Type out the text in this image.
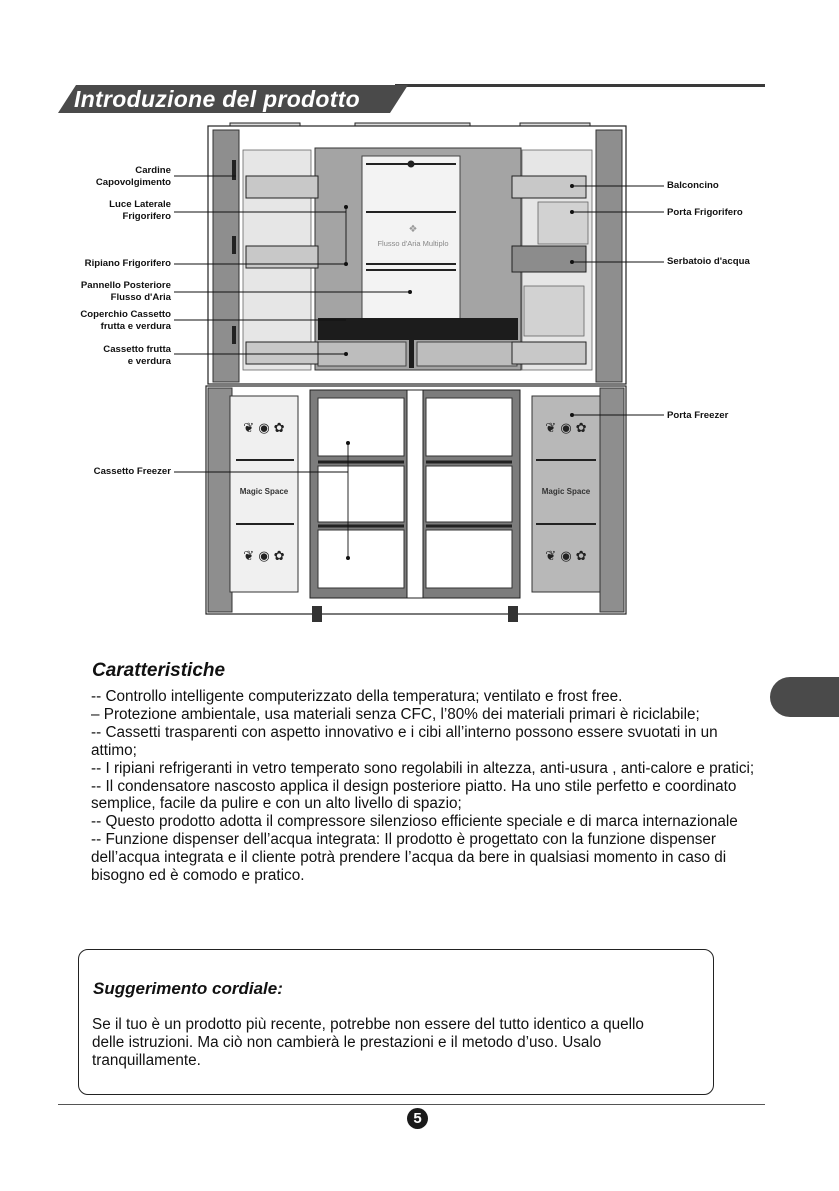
Introduzione del prodotto
Flusso d'Aria Multiplo
❖
❦ ◉ ✿
❦ ◉ ✿
❦ ◉ ✿
❦ ◉ ✿
Magic Space	Magic Space
Cardine
Capovolgimento
Luce Laterale
Frigorifero
Ripiano Frigorifero
Pannello Posteriore
Flusso d'Aria
Coperchio Cassetto
frutta e verdura
Cassetto frutta
e verdura
Cassetto Freezer
Balconcino
Porta Frigorifero
Serbatoio d'acqua
Porta Freezer
Caratteristiche
-- Controllo intelligente computerizzato della temperatura; ventilato e frost free.
– Protezione ambientale, usa materiali senza CFC, l’80% dei materiali primari è riciclabile;
-- Cassetti trasparenti con aspetto innovativo e i cibi all’interno possono essere svuotati in un attimo;
-- I ripiani refrigeranti in vetro temperato sono regolabili in altezza, anti-usura , anti-calore e pratici;
-- Il condensatore nascosto applica il design posteriore piatto. Ha uno stile perfetto e coordinato semplice, facile da pulire e con un alto livello di spazio;
-- Questo prodotto adotta il compressore silenzioso efficiente speciale e di marca internazionale
-- Funzione dispenser dell’acqua integrata: Il prodotto è progettato con la funzione dispenser dell’acqua integrata e il cliente potrà prendere l’acqua da bere in qualsiasi momento in caso di bisogno ed è comodo e pratico.
Suggerimento cordiale:
Se il tuo è un prodotto più recente, potrebbe non essere del tutto identico a quello delle istruzioni. Ma ciò non cambierà le prestazioni e il metodo d’uso. Usalo tranquillamente.
5
